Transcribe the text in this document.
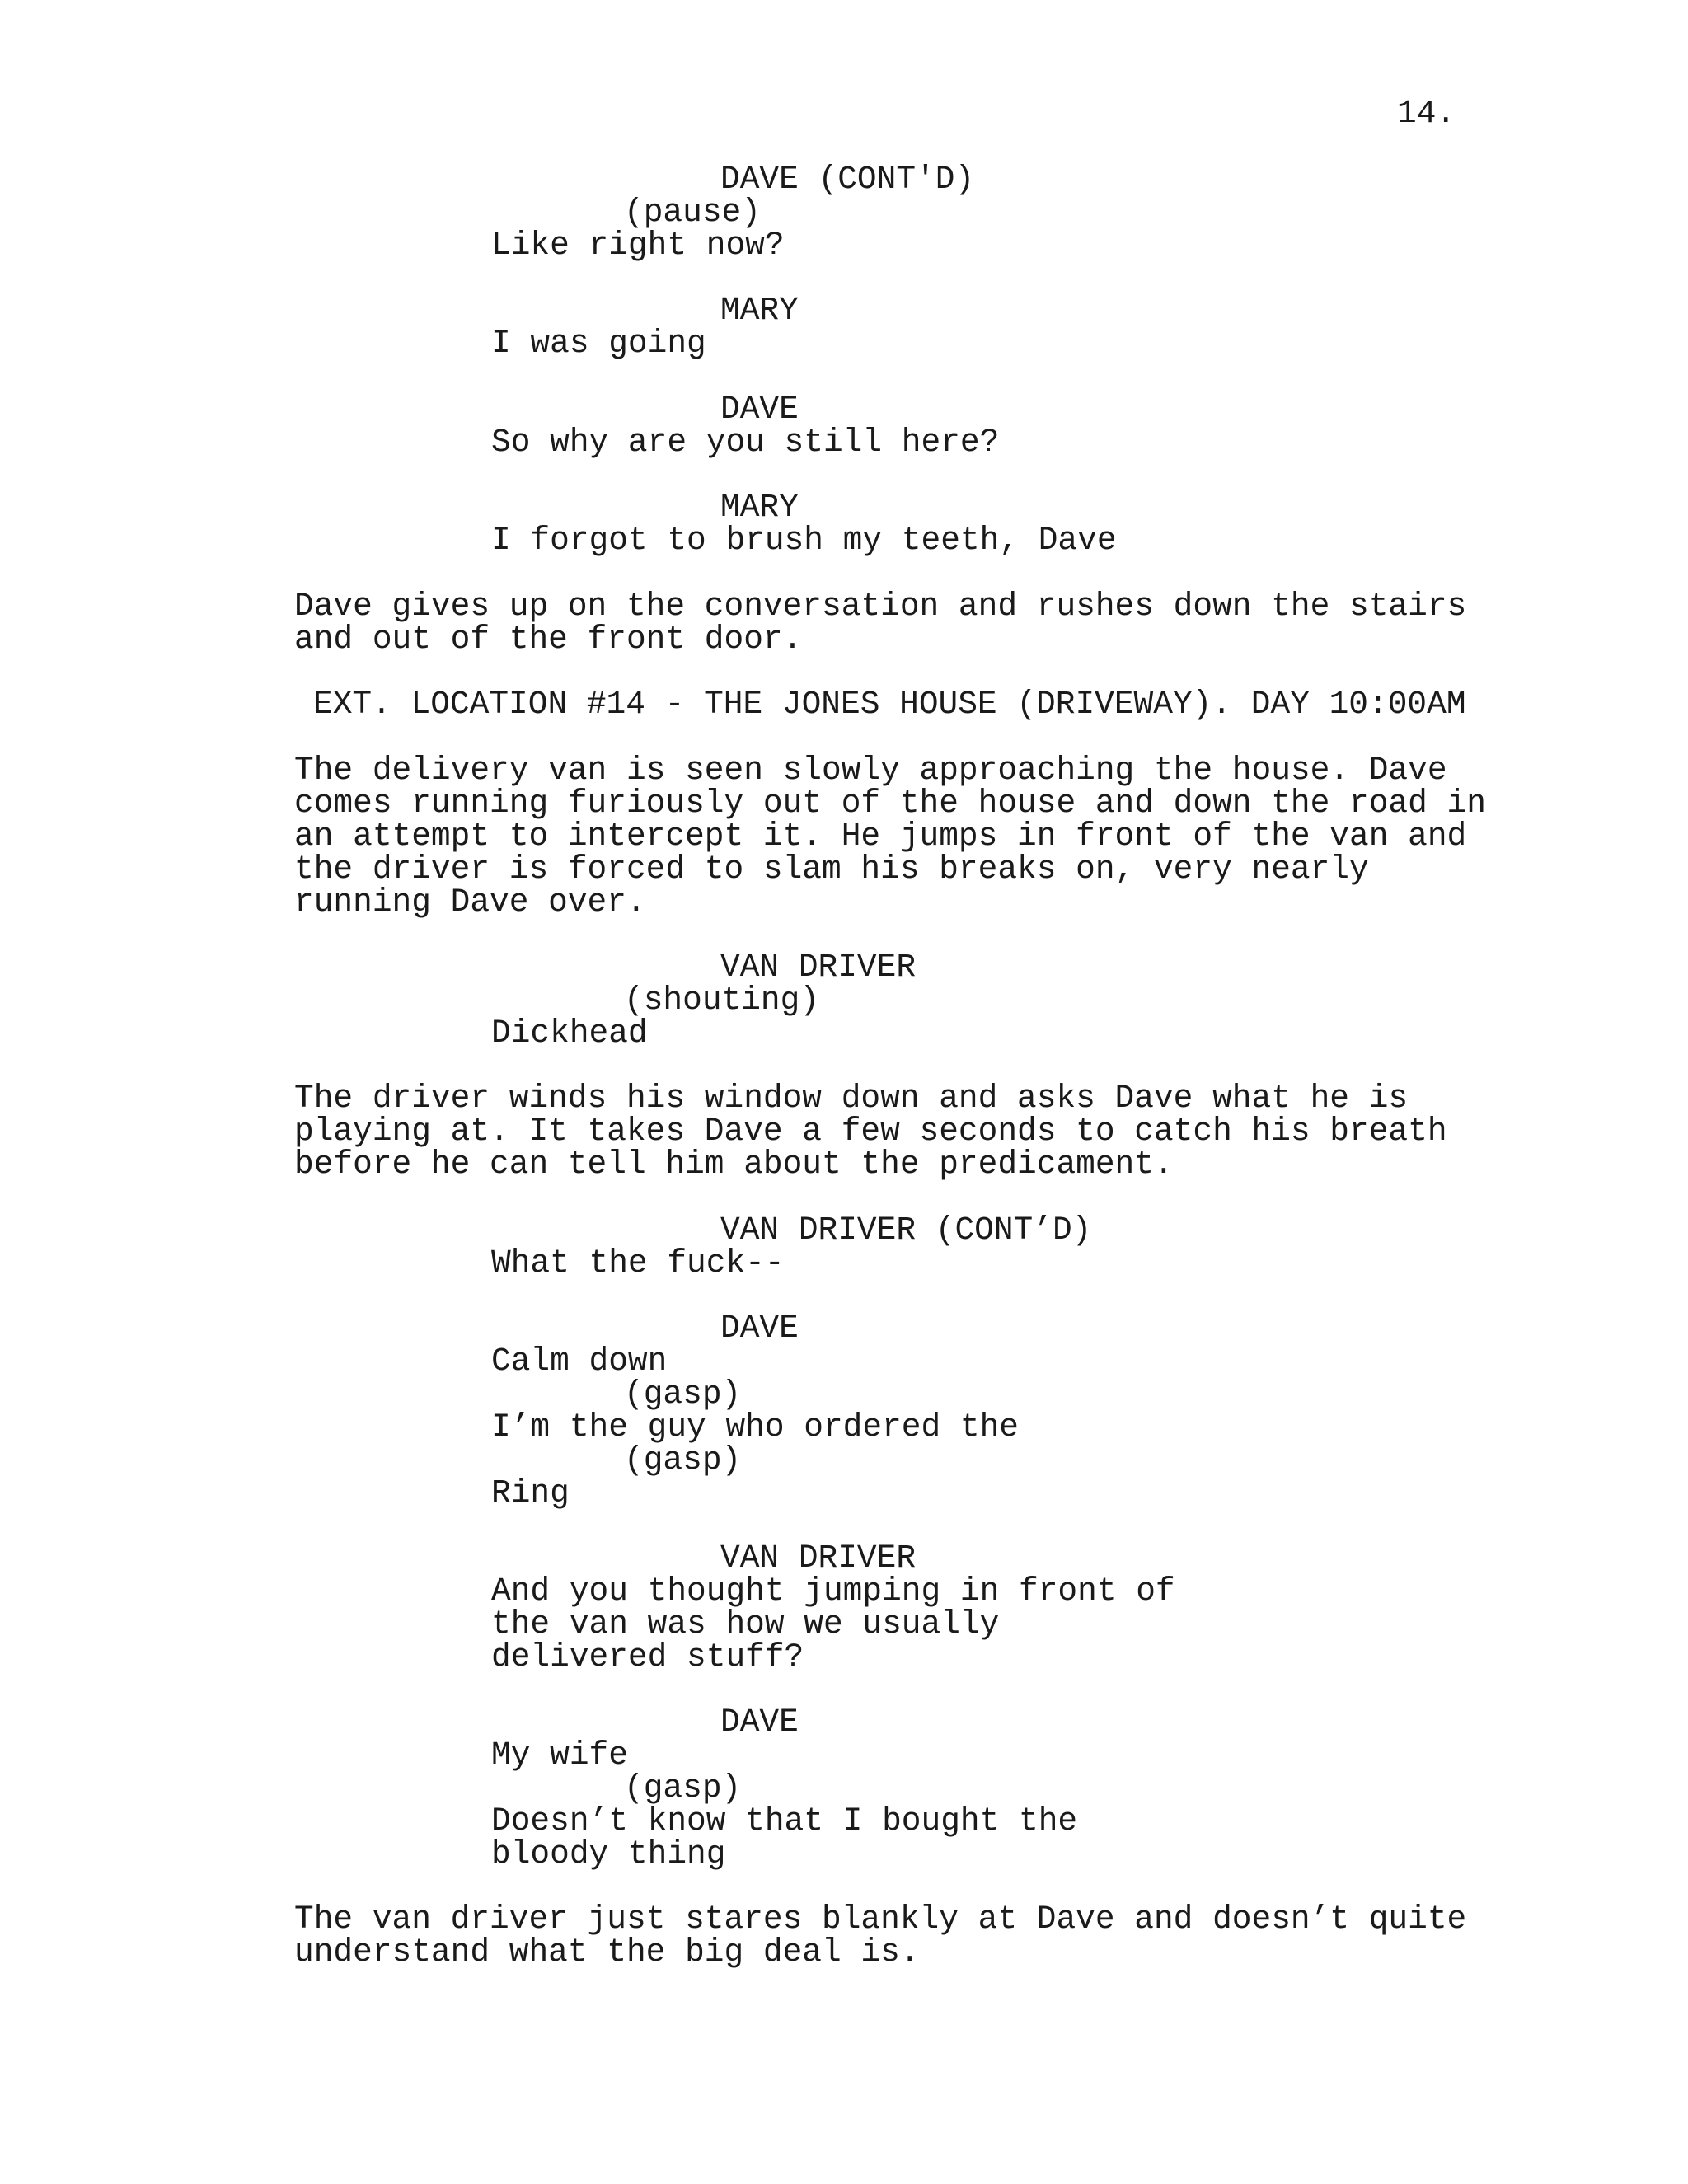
14.

DAVE (CONT'D)

(pause)

Like right now?

MARY

I was going

DAVE

So why are you still here?

MARY

I forgot to brush my teeth, Dave

Dave gives up on the conversation and rushes down the stairs

and out of the front door.

EXT. LOCATION #14 - THE JONES HOUSE (DRIVEWAY). DAY 10:00AM

The delivery van is seen slowly approaching the house. Dave

comes running furiously out of the house and down the road in

an attempt to intercept it. He jumps in front of the van and

the driver is forced to slam his breaks on, very nearly

running Dave over.

VAN DRIVER

(shouting)

Dickhead

The driver winds his window down and asks Dave what he is

playing at. It takes Dave a few seconds to catch his breath

before he can tell him about the predicament.

VAN DRIVER (CONT’D)

What the fuck--

DAVE

Calm down

(gasp)

I’m the guy who ordered the

(gasp)

Ring

VAN DRIVER

And you thought jumping in front of

the van was how we usually

delivered stuff?

DAVE

My wife

(gasp)

Doesn’t know that I bought the

bloody thing

The van driver just stares blankly at Dave and doesn’t quite

understand what the big deal is.
